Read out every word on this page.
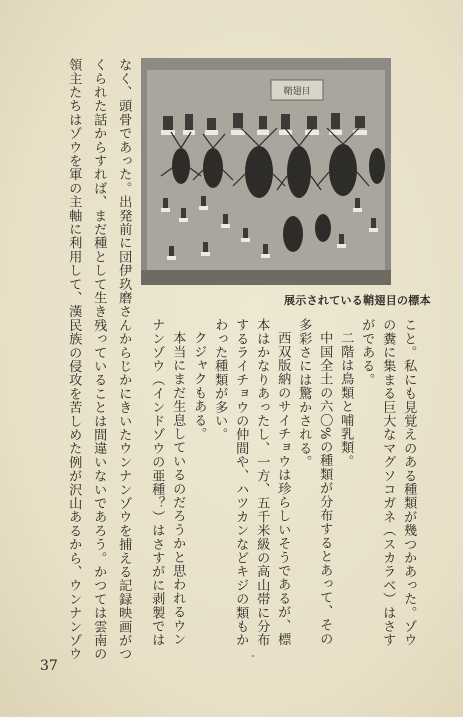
鞘翅目
展示されている鞘翅目の標本
こと。私にも見覚えのある種類が幾つかあった。ゾウ
の糞に集まる巨大なマグソコガネ（スカラベ）はさす
がである。
二階は鳥類と哺乳類。
中国全土の六〇%の種類が分布するとあって、その
多彩さには驚かされる。
西双版納のサイチョウは珍らしいそうであるが、標
本はかなりあったし、一方、五千米級の高山帯に分布
するライチョウの仲間や、ハツカンなどキジの類もか
わった種類が多い。
クジャクもある。
本当にまだ生息しているのだろうかと思われるウン
ナンゾウ（インドゾウの亜種？）はさすがに剥製では
なく、頭骨であった。出発前に団伊玖磨さんからじかにきいたウンナンゾウを捕える記録映画がつ
くられた話からすれば、まだ種として生き残っていることは間違いないであろう。かつては雲南の
領主たちはゾウを軍の主軸に利用して、漢民族の侵攻を苦しめた例が沢山あるから、ウンナンゾウ
37
